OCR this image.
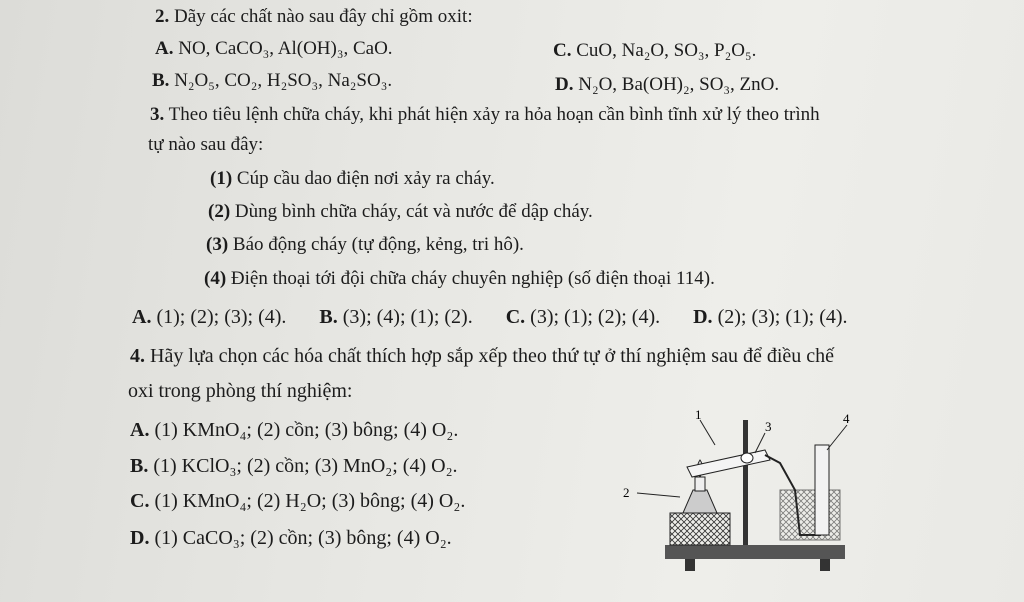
2. Dãy các chất nào sau đây chỉ gồm oxit:
A. NO, CaCO₃, Al(OH)₃, CaO.	C. CuO, Na₂O, SO₃, P₂O₅.
B. N₂O₅, CO₂, H₂SO₃, Na₂SO₃.	D. N₂O, Ba(OH)₂, SO₃, ZnO.
3. Theo tiêu lệnh chữa cháy, khi phát hiện xảy ra hỏa hoạn cần bình tĩnh xử lý theo trình
tự nào sau đây:
(1) Cúp cầu dao điện nơi xảy ra cháy.
(2) Dùng bình chữa cháy, cát và nước để dập cháy.
(3) Báo động cháy (tự động, kẻng, tri hô).
(4) Điện thoại tới đội chữa cháy chuyên nghiệp (số điện thoại 114).
A. (1); (2); (3); (4). B. (3); (4); (1); (2). C. (3); (1); (2); (4). D. (2); (3); (1); (4).
4. Hãy lựa chọn các hóa chất thích hợp sắp xếp theo thứ tự ở thí nghiệm sau để điều chế
oxi trong phòng thí nghiệm:
A. (1) KMnO₄; (2) cồn; (3) bông; (4) O₂.
B. (1) KClO₃; (2) cồn; (3) MnO₂; (4) O₂.
C. (1) KMnO₄; (2) H₂O; (3) bông; (4) O₂.
D. (1) CaCO₃; (2) cồn; (3) bông; (4) O₂.
1
2
3
4
